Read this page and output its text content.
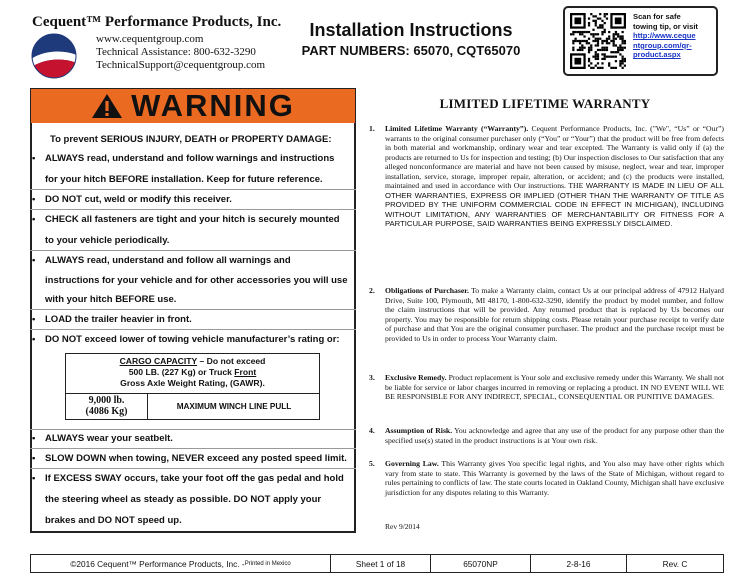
Cequent™ Performance Products, Inc.
www.cequentgroup.com
Technical Assistance: 800-632-3290
TechnicalSupport@cequentgroup.com
Installation Instructions
PART NUMBERS: 65070, CQT65070
Scan for safe
towing tip, or visit
http://www.ceque
ntgroup.com/qr-
product.aspx
WARNING
To prevent SERIOUS INJURY, DEATH or PROPERTY DAMAGE:
• ALWAYS read, understand and follow warnings and instructions
for your hitch BEFORE installation. Keep for future reference.
• DO NOT cut, weld or modify this receiver.
• CHECK all fasteners are tight and your hitch is securely mounted
to your vehicle periodically.
• ALWAYS read, understand and follow all warnings and
instructions for your vehicle and for other accessories you will use
with your hitch BEFORE use.
• LOAD the trailer heavier in front.
• DO NOT exceed lower of towing vehicle manufacturer’s rating or:
CARGO CAPACITY – Do not exceed
500 LB. (227 Kg) or Truck Front
Gross Axle Weight Rating, (GAWR).
9,000 lb.
(4086 Kg)	MAXIMUM WINCH LINE PULL
• ALWAYS wear your seatbelt.
• SLOW DOWN when towing, NEVER exceed any posted speed limit.
• If EXCESS SWAY occurs, take your foot off the gas pedal and hold
the steering wheel as steady as possible. DO NOT apply your
brakes and DO NOT speed up.
LIMITED LIFETIME WARRANTY
1. Limited Lifetime Warranty (“Warranty”). Cequent Performance Products, Inc. ("We", “Us” or “Our”) warrants to the original consumer purchaser only (“You” or “Your”) that the product will be free from defects in both material and workmanship, ordinary wear and tear excepted. The Warranty is valid only if (a) the products are returned to Us for inspection and testing; (b) Our inspection discloses to Our satisfaction that any alleged nonconformance are material and have not been caused by misuse, neglect, wear and tear, improper installation, service, storage, improper repair, alteration, or accident; and (c) the products were installed, maintained and used in accordance with Our instructions. THE WARRANTY IS MADE IN LIEU OF ALL OTHER WARRANTIES, EXPRESS OR IMPLIED (OTHER THAN THE WARRANTY OF TITLE AS PROVIDED BY THE UNIFORM COMMERCIAL CODE IN EFFECT IN MICHIGAN), INCLUDING WITHOUT LIMITATION, ANY WARRANTIES OF MERCHANTABILITY OR FITNESS FOR A PARTICULAR PURPOSE, SAID WARRANTIES BEING EXPRESSLY DISCLAIMED.
2. Obligations of Purchaser. To make a Warranty claim, contact Us at our principal address of 47912 Halyard Drive, Suite 100, Plymouth, MI 48170, 1-800-632-3290, identify the product by model number, and follow the claim instructions that will be provided. Any returned product that is replaced by Us becomes our property. You may be responsible for return shipping costs. Please retain your purchase receipt to verify date of purchase and that You are the original consumer purchaser. The product and the purchase receipt must be provided to Us in order to process Your Warranty claim.
3. Exclusive Remedy. Product replacement is Your sole and exclusive remedy under this Warranty. We shall not be liable for service or labor charges incurred in removing or replacing a product. IN NO EVENT WILL WE BE RESPONSIBLE FOR ANY INDIRECT, SPECIAL, CONSEQUENTIAL OR PUNITIVE DAMAGES.
4. Assumption of Risk. You acknowledge and agree that any use of the product for any purpose other than the specified use(s) stated in the product instructions is at Your own risk.
5. Governing Law. This Warranty gives You specific legal rights, and You also may have other rights which vary from state to state. This Warranty is governed by the laws of the State of Michigan, without regard to rules pertaining to conflicts of law. The state courts located in Oakland County, Michigan shall have exclusive jurisdiction for any disputes relating to this Warranty.
Rev 9/2014
©2016 Cequent™ Performance Products, Inc. - Printed in Mexico	Sheet 1 of 18	65070NP	2-8-16	Rev. C
